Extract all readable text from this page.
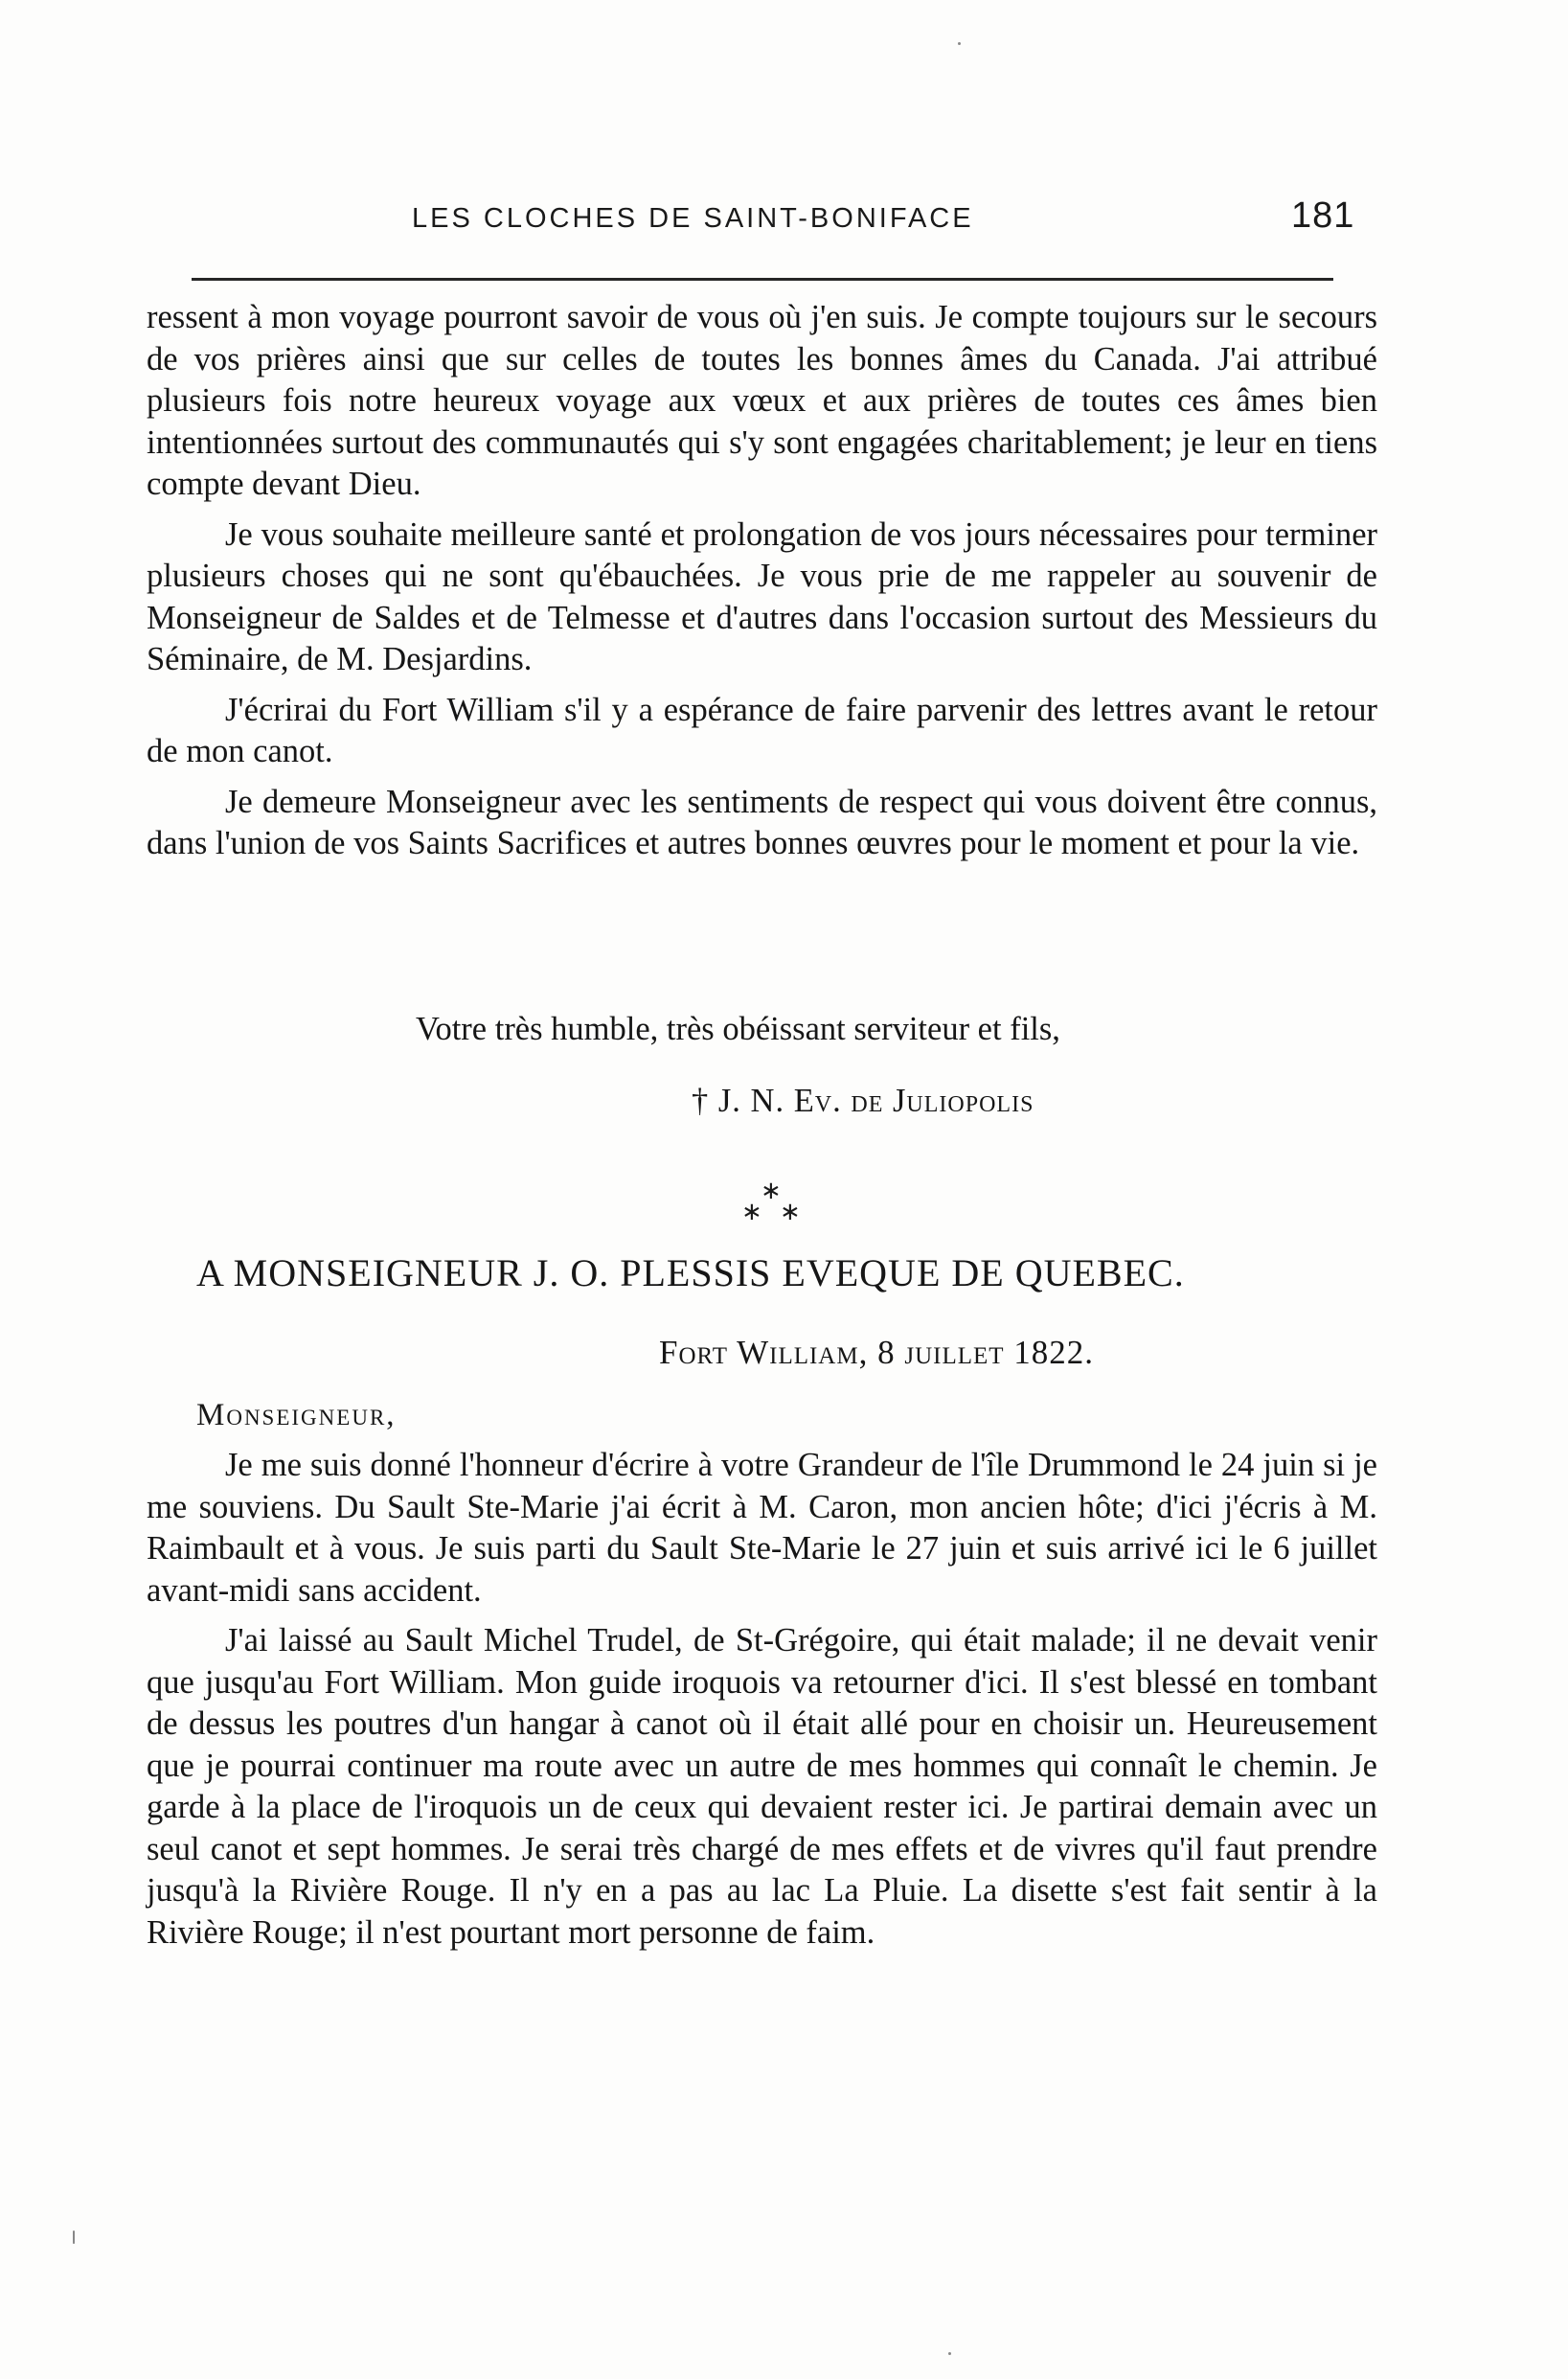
LES CLOCHES DE SAINT-BONIFACE	181

ressent à mon voyage pourront savoir de vous où j'en suis. Je compte toujours sur le secours de vos prières ainsi que sur celles de toutes les bonnes âmes du Canada. J'ai attribué plusieurs fois notre heureux voyage aux vœux et aux prières de toutes ces âmes bien intentionnées surtout des communautés qui s'y sont engagées charitablement; je leur en tiens compte devant Dieu.

Je vous souhaite meilleure santé et prolongation de vos jours nécessaires pour terminer plusieurs choses qui ne sont qu'ébauchées. Je vous prie de me rappeler au souvenir de Monseigneur de Saldes et de Telmesse et d'autres dans l'occasion surtout des Messieurs du Séminaire, de M. Desjardins.

J'écrirai du Fort William s'il y a espérance de faire parvenir des lettres avant le retour de mon canot.

Je demeure Monseigneur avec les sentiments de respect qui vous doivent être connus, dans l'union de vos Saints Sacrifices et autres bonnes œuvres pour le moment et pour la vie.

Votre très humble, très obéissant serviteur et fils,
† J. N. Ev. de Juliopolis
∗
∗ ∗
A MONSEIGNEUR J. O. PLESSIS EVEQUE DE QUEBEC.
Fort William, 8 juillet 1822.
Monseigneur,

Je me suis donné l'honneur d'écrire à votre Grandeur de l'île Drummond le 24 juin si je me souviens. Du Sault Ste-Marie j'ai écrit à M. Caron, mon ancien hôte; d'ici j'écris à M. Raimbault et à vous. Je suis parti du Sault Ste-Marie le 27 juin et suis arrivé ici le 6 juillet avant-midi sans accident.

J'ai laissé au Sault Michel Trudel, de St-Grégoire, qui était malade; il ne devait venir que jusqu'au Fort William. Mon guide iroquois va retourner d'ici. Il s'est blessé en tombant de dessus les poutres d'un hangar à canot où il était allé pour en choisir un. Heureusement que je pourrai continuer ma route avec un autre de mes hommes qui connaît le chemin. Je garde à la place de l'iroquois un de ceux qui devaient rester ici. Je partirai demain avec un seul canot et sept hommes. Je serai très chargé de mes effets et de vivres qu'il faut prendre jusqu'à la Rivière Rouge. Il n'y en a pas au lac La Pluie. La disette s'est fait sentir à la Rivière Rouge; il n'est pourtant mort personne de faim.
